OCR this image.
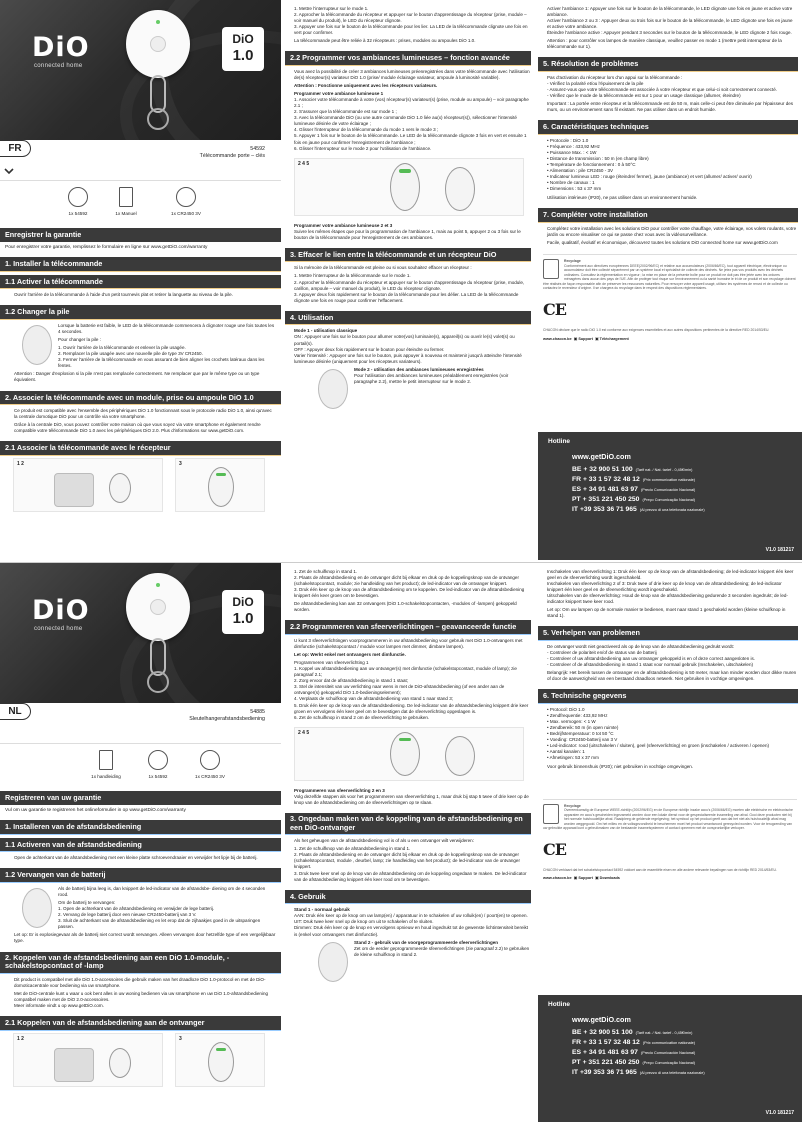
DiO
connected home
DiO
1.0
FR	54592
Télécommande porte – clés
1x 54592	1x Manuel	1x CR2450 3V
Enregistrer la garantie
Pour enregistrer votre garantie, remplissez le formulaire en ligne sur www.getDiO.com/warranty
1. Installer la télécommande
1.1 Activer la télécommande

Ouvrir l'arrière de la télécommande à l'aide d'un petit tournevis plat et retirer la languette au niveau de la pile.

1.2 Changer la pile

Lorsque la batterie est faible, le LED de la télécommande commencera à clignoter rouge une fois toutes les 4 secondes.

Pour changer la pile :

1. Ouvrir l'arrière de la télécommande et enlever la pile usagée.

2. Remplacer la pile usagée avec une nouvelle pile de type 3V CR2450.

3. Fermer l'arrière de la télécommande en vous assurant de bien aligner les crochets latéraux dans les fentes.

Attention : Danger d'explosion si la pile n'est pas remplacée correctement. Ne remplacer que par le même type ou un type équivalent.

2. Associer la télécommande avec un module, prise ou ampoule DiO 1.0

Ce produit est compatible avec l'ensemble des périphériques DiO 1.0 fonctionnant sous le protocole radio DiO 1.0, ainsi qu'avec la centrale domotique DiO pour un contrôle via votre smartphone.

Grâce à la centrale DiO, vous pouvez contrôler votre maison où que vous soyez via votre smartphone et également rendre compatible votre télécommande DiO 1.0 avec les périphériques DiO 2.0. Plus d'informations sur www.getDiO.com.

2.1 Associer la télécommande avec le récepteur
1 2	3

1. Mettre l'interrupteur sur le mode 1.

2. Approcher la télécommande du récepteur et appuyer sur le bouton d'apprentissage du récepteur (prise, module – voir manuel du produit), le LED du récepteur clignote.

3. Appuyer une fois sur le bouton de la télécommande pour les lier. La LED de la télécommande clignote une fois en vert pour confirmer.

La télécommande peut être reliée à 32 récepteurs : prises, modules ou ampoules DiO 1.0.

2.2 Programmer vos ambiances lumineuses – fonction avancée

Vous avez la possibilité de créer 3 ambiances lumineuses préenregistrées dans votre télécommande avec l'utilisation de(s) récepteur(s) variateur DiO 1.0 (prise/ module éclairage variateur, ampoule à luminosité variable).

Attention : Fonctionne uniquement avec les récepteurs variateurs.

Programmer votre ambiance lumineuse 1

1. Associer votre télécommande à votre (vos) récepteur(s) variateur(s) (prise, module ou ampoule) – voir paragraphe 2.1 ;

2. S'assurer que la télécommande est sur mode 1 ;

3. Avec la télécommande DiO (ou une autre commande DiO 1.0 liée au(x) récepteur(s)), sélectionner l'intensité lumineuse désirée de votre éclairage ;

4. Glisser l'interrupteur de la télécommande du mode 1 vers le mode 3 ;

5. Appuyer 1 fois sur le bouton de la télécommande. Le LED de la télécommande clignote 3 fois en vert et ensuite 1 fois en jaune pour confirmer l'enregistrement de l'ambiance ;

6. Glisser l'interrupteur sur le mode 2 pour l'utilisation de l'ambiance.

2 4 5

Programmer votre ambiance lumineuse 2 et 3

Suivre les mêmes étapes que pour la programmation de l'ambiance 1, mais au point 5, appuyer 2 ou 3 fois sur le bouton de la télécommande pour l'enregistrement de ces ambiances.

3. Effacer le lien entre la télécommande et un récepteur DiO

Si la mémoire de la télécommande est pleine ou si vous souhaitez effacer un récepteur :

1. Mettre l'interrupteur de la télécommande sur le mode 1.

2. Approcher la télécommande du récepteur et appuyer sur le bouton d'apprentissage du récepteur (prise, module, carillon, ampoule – voir manuel du produit), le LED du récepteur clignote.

3. Appuyer deux fois rapidement sur le bouton de la télécommande pour les délier. La LED de la télécommande clignote une fois en rouge pour confirmer l'effacement.

4. Utilisation

Mode 1 - utilisation classique

ON : Appuyer une fois sur le bouton pour allumer votre(vos) luminaire(s), appareil(s) ou ouvrir le(s) volet(s) ou portail(s).

OFF : Appuyer deux fois rapidement sur le bouton pour éteindre ou fermer.

Varier l'intensité : Appuyer une fois sur le bouton, puis appuyer à nouveau et maintenir jusqu'à atteindre l'intensité lumineuse désirée (uniquement pour les récepteurs variateurs).

Mode 2 - utilisation des ambiances lumineuses enregistrées

Pour l'utilisation des ambiances lumineuses préalablement enregistrées (voir paragraphe 2.2), mettre le petit interrupteur sur le mode 2.

Activer l'ambiance 1: Appuyer une fois sur le bouton de la télécommande, le LED clignote une fois en jaune et active votre ambiance.

Activer l'ambiance 2 ou 3 : Appuyer deux ou trois fois sur le bouton de la télécommande, le LED clignote une fois en jaune et active votre ambiance.

Éteindre l'ambiance active : Appuyer pendant 3 secondes sur le bouton de la télécommande, le LED clignote 2 fois rouge.

Attention : pour contrôler vos lampes de manière classique, veuillez passer en mode 1 (mettre petit interrupteur de la télécommande sur 1).

5. Résolution de problèmes

Pas d'activation du récepteur lors d'un appui sur la télécommande :

- Vérifiez la polarité et/ou l'épuisement de la pile

- Assurez-vous que votre télécommande est associée à votre récepteur et que celui-ci soit correctement connecté.

- Vérifiez que le mode de la télécommande est sur 1 pour un usage classique (allumer, éteindre)

Important : La portée entre récepteur et la télécommande est de 50 m, mais celle-ci peut être diminuée par l'épaisseur des murs, ou un environnement sans fil existant. Ne pas utiliser dans un endroit humide.

6. Caractéristiques techniques
• Protocole : DiO 1.0
• Fréquence : 433,92 MHz
• Puissance Max. : < 1W
• Distance de transmission : 50 m (en champ libre)
• Température de fonctionnement : 0 à 50°C
• Alimentation : pile CR2450 - 3V
• Indicateur lumineux LED : rouge (éteindre/ fermer), jaune (ambiance) et vert (allumer/ activer/ ouvrir)
• Nombre de canaux : 1
• Dimensions : 53 x 37 mm

Utilisation intérieure (IP20), ne pas utiliser dans un environnement humide.

7. Compléter votre installation

Complétez votre installation avec les solutions DiO pour contrôler votre chauffage, votre éclairage, vos volets roulants, votre jardin ou encore visualiser ce qui se passe chez vous avec la vidéosurveillance.

Facile, qualitatif, évolutif et économique, découvrez toutes les solutions DiO connected home sur www.getDiO.com

Recyclage
Conformément aux directives européennes DEEE(2002/96/EC) et relative aux accumulateurs (2006/66/EC), tout appareil électrique, électronique ou accumulateur doit être collecté séparément par un système local et spécialisé de collecte des déchets. Ne jetez pas vos produits avec les déchets ordinaires. Consultez la réglementation en vigueur ; la mise en place de la présente boîte pour ce produit ne doit pas être jetée avec les ordures ménagères dans aucun des pays de l'UE. Afin de protéger tout risque sur l'environnement ou la santé humaine le tri de ce produit et son recyclage doivent être réalisés de façon responsable afin de préserver les ressources naturelles. Pour renvoyer votre appareil usagé, utilisez les systèmes de renvoi et de collecte ou contactez le revendeur d'origine. Il se chargera du recyclage dans le respect des dispositions réglementaires.
CE
CHACON déclare que le radio DiO 1.0 est conforme aux exigences essentielles et aux autres dispositions pertinentes de la directive RED 2014/53/EU.
www.chacon.be  ▣ Support  ▣ Téléchargement
Hotline
www.getDiO.com
BE + 32 900 51 100 (Tarif nat. / Nat. tarief - 0,45€/min)
FR + 33 1 57 32 48 12 (Prix communication nationale)
ES + 34 91 481 63 97 (Precio Comunicación Nacional)
PT + 351 221 450 250 (Preço Comunicação Nacional)
IT +39 353 36 71 965 (Al prezzo di una telefonata nazionale)
V1.0 181217
DiO
connected home
DiO
1.0
NL	54885
Sleutelhangerafstandsbediening
1x handleiding	1x 54592	1x CR2450 3V
Registreren van uw garantie
Vul om uw garantie te registreren het onlineformulier in op www.getDiO.com/warranty
1. Installeren van de afstandsbediening
1.1 Activeren van de afstandsbediening

Open de achterkant van de afstandsbediening met een kleine platte schroevendraaier en verwijder het lipje bij de batterij.

1.2 Vervangen van de batterij

Als de batterij bijna leeg is, dan knippert de led-indicator van de afstandsbe- diening om de 4 seconden rood.

Om de batterij te vervangen:

1. Open de achterkant van de afstandsbediening en verwijder de lege batterij.

2. Vervang de lege batterij door een nieuwe CR2450-batterij van 3 V.

3. Sluit de achterkant van de afstandsbediening en let erop dat de zijhaakjes goed in de uitsparingen passen.

Let op: Er is explosiegevaar als de batterij niet correct wordt vervangen. Alleen vervangen door hetzelfde type of een vergelijkbaar type.

2. Koppelen van de afstandsbediening aan een DiO 1.0-module, -schakelstopcontact of -lamp

Dit product is compatibel met alle DiO 1.0-accessoires die gebruik maken van het draadloze DiO 1.0-protocol en met de DiO-domoticacentrale voor bediening via uw smartphone.

Met de DiO-centrale kunt u waar u ook bent alles in uw woning bedienen via uw smartphone en uw DiO 1.0-afstandsbediening compatibel maken met de DiO 2.0-accessoires.

Meer informatie vindt u op www.getDiO.com.

2.1 Koppelen van de afstandsbediening aan de ontvanger
1 2	3

1. Zet de schuifknop in stand 1.

2. Plaats de afstandsbediening en de ontvanger dicht bij elkaar en druk op de koppelingsknop van de ontvanger (schakelstopcontact, module; zie handleiding van het product); de led-indicator van de ontvanger knippert.

3. Druk één keer op de knop van de afstandsbediening om te koppelen. De led-indicator van de afstandsbediening knippert één keer groen om te bevestigen.

De afstandsbediening kan aan 32 ontvangers (DiO 1.0-schakelstopcontacten, -modules of -lampen) gekoppeld worden.

2.2 Programmeren van sfeerverlichtingen – geavanceerde functie

U kunt 3 sfeerverlichtingen voorprogrammeren in uw afstandsbediening voor gebruik met DiO 1.0-ontvangers met dimfunctie (schakelstopcontact / module voor lampen met dimmer, dimbare lampen).

Let op: Werkt enkel met ontvangers met dimfunctie.

Programmeren van sfeerverlichting 1

1. Koppel uw afstandsbediening aan uw ontvanger(s) met dimfunctie (schakelstopcontact, module of lamp); zie paragraaf 2.1;

2. Zorg ervoor dat de afstandsbediening in stand 1 staat;

3. Stel de intensiteit van uw verlichting naar wens in met de DiO-afstandsbediening (of een ander aan de ontvanger(s) gekoppeld DiO 1.0-bedieningselement);

4. Verplaats de schuifknop van de afstandsbediening van stand 1 naar stand 3;

5. Druk één keer op de knop van de afstandsbediening. De led-indicator van de afstandsbediening knippert drie keer groen en vervolgens één keer geel om te bevestigen dat de sfeerverlichting opgeslagen is.

6. Zet de schuifknop in stand 2 om de sfeerverlichting te gebruiken.

2 4 5

Programmeren van sfeerverlichting 2 en 3

Volg dezelfde stappen als voor het programmeren van sfeerverlichting 1, maar druk bij stap 5 twee of drie keer op de knop van de afstandsbediening om de sfeerverlichtingen op te slaan.

3. Ongedaan maken van de koppeling van de afstandsbediening en een DiO-ontvanger

Als het geheugen van de afstandsbediening vol is of als u een ontvanger wilt verwijderen:

1. Zet de schuifknop van de afstandsbediening in stand 1.

2. Plaats de afstandsbediening en de ontvanger dicht bij elkaar en druk op de koppelingsknop van de ontvanger (schakelstopcontact, module , deurbel, lamp; zie handleiding van het product); de led-indicator van de ontvanger knippert.

3. Druk twee keer snel op de knop van de afstandsbediening om de koppeling ongedaan te maken. De led-indicator van de afstandsbediening knippert één keer rood om te bevestigen.

4. Gebruik

Stand 1 - normaal gebruik

AAN: Druk één keer op de knop om uw lamp(en) / apparatuur in te schakelen of uw rolluik(en) / poort(en) te openen.

UIT: Druk twee keer snel op de knop om uit te schakelen of te sluiten.

Dimmen: Druk één keer op de knop en vervolgens opnieuw en houd ingedrukt tot de gewenste lichtintensiteit bereikt is (enkel voor ontvangers met dimfunctie).

Stand 2 - gebruik van de voorgeprogrammeerde sfeerverlichtingen

Zet om de eerder geprogrammeerde sfeerverlichtingen (zie paragraaf 2.2) te gebruiken de kleine schuifknop in stand 2.

Inschakelen van sfeerverlichting 1: Druk één keer op de knop van de afstandsbediening; de led-indicator knippert één keer geel en de sfeerverlichting wordt ingeschakeld.

Inschakelen van sfeerverlichting 2 of 3: Druk twee of drie keer op de knop van de afstandsbediening; de led-indicator knippert één keer geel en de sfeerverlichting wordt ingeschakeld.

Uitschakelen van de sfeerverlichting: Houd de knop van de afstandsbediening gedurende 3 seconden ingedrukt; de led-indicator knippert twee keer rood.

Let op: Om uw lampen op de normale manier te bedienen, moet naar stand 1 geschakeld worden (kleine schuifknop in stand 1).

5. Verhelpen van problemen

De ontvanger wordt niet geactiveerd als op de knop van de afstandsbediening gedrukt wordt:

- Controleer de polariteit en/of de status van de batterij

- Controleer of uw afstandsbediening aan uw ontvanger gekoppeld is en of deze correct aangesloten is.

- Controleer of de afstandsbediening in stand 1 staat voor normaal gebruik (Inschakelen, uitschakelen)

Belangrijk: Het bereik tussen de ontvanger en de afstandsbediening is 50 meter, maar kan minder worden door dikke muren of door de aanwezigheid van een bestaand draadloos netwerk. Niet gebruiken in vochtige omgevingen.

6. Technische gegevens
• Protocol: DiO 1.0
• Zendfrequentie: 433,92 MHz
• Max. vermogen: < 1 W
• Zendbereik: 50 m (in open ruimte)
• Bedrijfstemperatuur: 0 tot 50 °C
• Voeding: CR2450-batterij van 3 V
• Led-indicator: rood (uitschakelen / sluiten), geel (sfeerverlichting) en groen (inschakelen / activeren / openen)
• Aantal kanalen: 1
• Afmetingen: 53 x 37 mm

Voor gebruik binnenshuis (IP20); niet gebruiken in vochtige omgevingen.

Recyclage
Overeenkomstig de Europese WEEE-richtlijn (2002/96/EG) en de Europese richtlijn inzake accu's (2006/66/EG) moeten alle elektrische en elektronische apparaten en accu's gescheiden ingezameld worden door een lokale dienst voor de gespecialiseerde inzameling van afval. Gooi deze producten niet bij het normale huishoudelijke afval. Raadpleeg de geldende regelgeving; het symbool op het product geeft aan dat het niet als huishoudelijk afval mag worden weggegooid. Om het milieu en de volksgezondheid te beschermen moet het product verantwoord gerecycled worden. Voor de terugzending van uw gebruikte apparaat kunt u gebruikmaken van de bestaande inzamelsystemen of contact opnemen met de oorspronkelijke verkoper.
CE
CHACON verklaart dat het schakelstopcontact 54592 voldoet aan de essentiële eisen en alle andere relevante bepalingen van de richtlijn RED 2014/53/EU.
www.chacon.be  ▣ Support  ▣ Downloads
Hotline
www.getDiO.com
BE + 32 900 51 100 (Tarif nat. / Nat. tarief - 0,45€/min)
FR + 33 1 57 32 48 12 (Prix communication nationale)
ES + 34 91 481 63 97 (Precio Comunicación Nacional)
PT + 351 221 450 250 (Preço Comunicação Nacional)
IT +39 353 36 71 965 (Al prezzo di una telefonata nazionale)
V1.0 181217
